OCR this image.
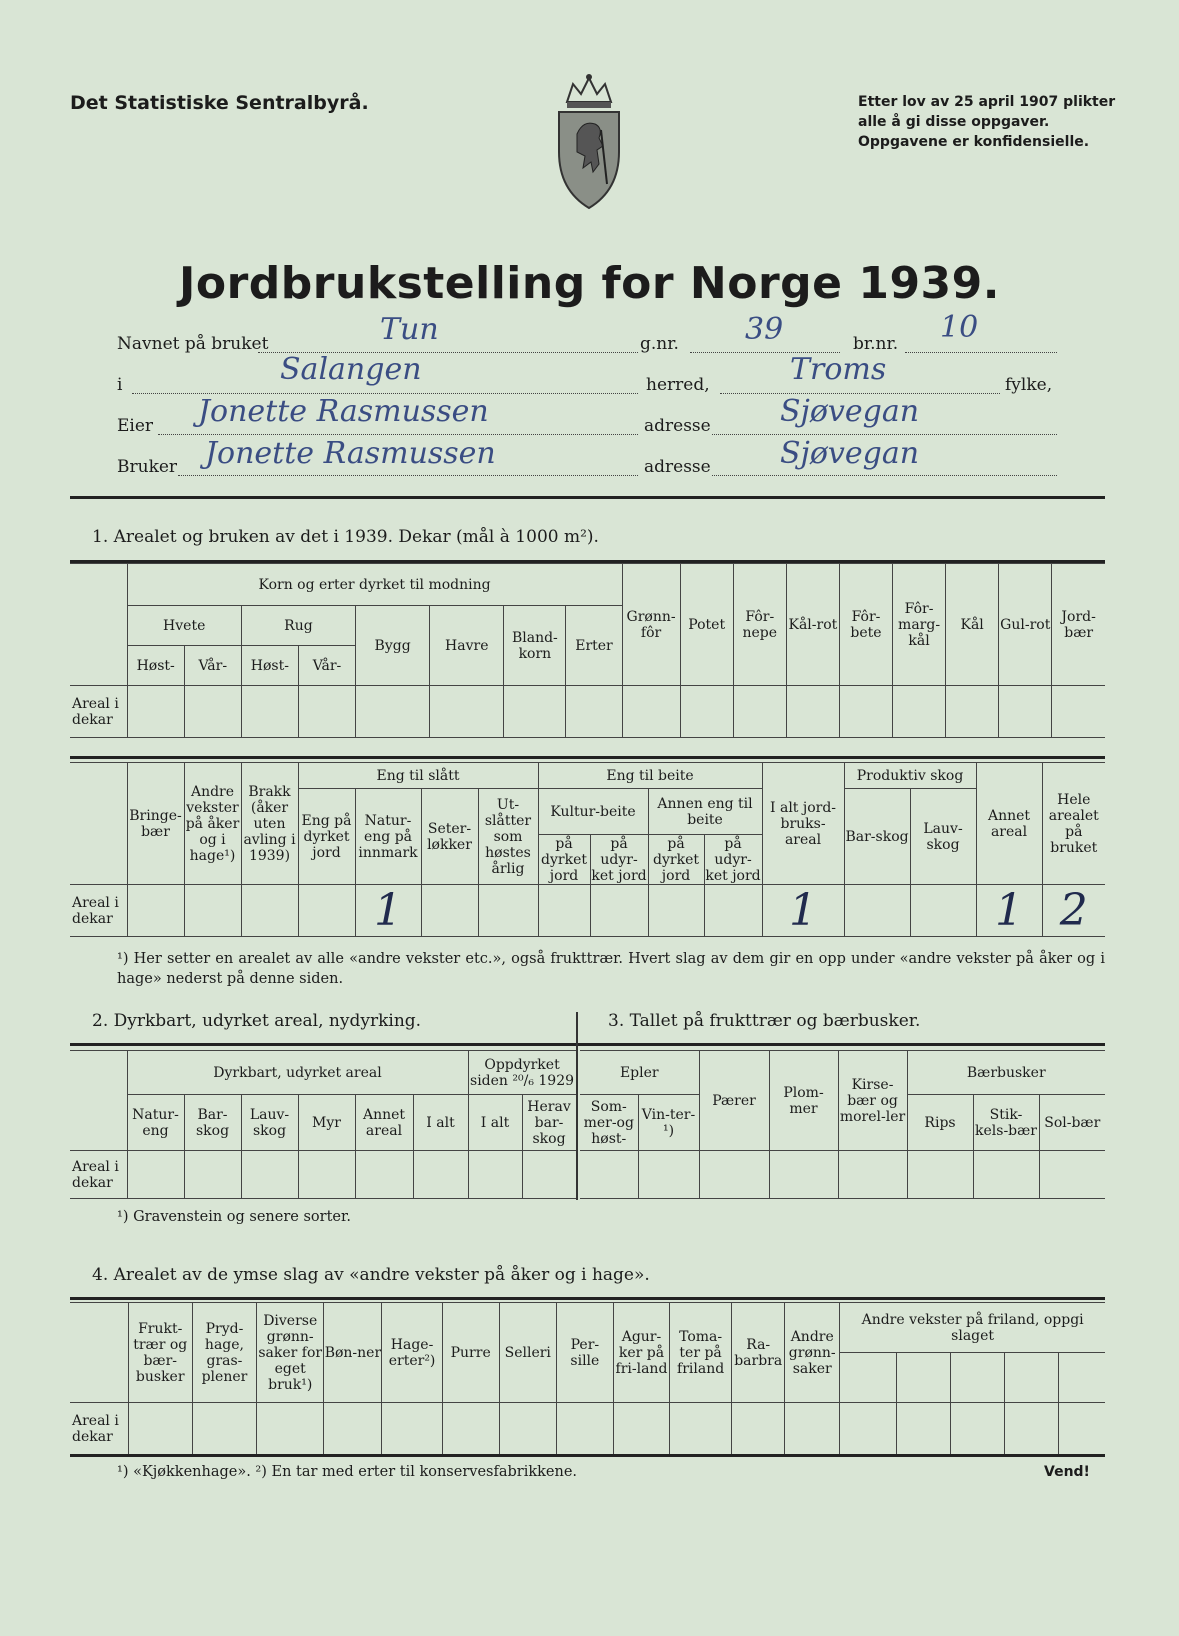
Det Statistiske Sentralbyrå.	Etter lov av 25 april 1907 plikter
alle å gi disse oppgaver.
Oppgavene er konfidensielle.
Jordbrukstelling for Norge 1939.
Navnet på bruket	Tun	g.nr. 39	br.nr. 10
i	Salangen	herred,	Troms	fylke,
Eier Jonette Rasmussen	adresse Sjøvegan
Bruker Jonette Rasmussen	adresse Sjøvegan
1. Arealet og bruken av det i 1939. Dekar (mål à 1000 m²).
	Korn og erter dyrket til modning								Grønn-fôr	Potet	Fôr-nepe	Kål-rot	Fôr-bete	Fôr-marg-kål	Kål	Gul-rot	Jord-bær
	Hvete		Rug		Bygg	Havre	Bland-korn	Erter									
	Høst-	Vår-	Høst-	Vår-													
Areal i dekar																	
	Bringe-bær	Andre vekster på åker og i hage¹)	Brakk (åker uten avling i 1939)	Eng til slått				Eng til beite				I alt jord-bruks-areal	Produktiv skog		Annet areal	Hele arealet på bruket
				Eng på dyrket jord	Natur-eng på innmark	Seter-løkker	Ut-slåtter som høstes årlig	Kultur-beite		Annen eng til beite			Bar-skog	Lauv-skog		
								på dyrket jord	på udyr-ket jord	på dyrket jord	på udyr-ket jord					
Areal i dekar					1							1			1	2
¹) Her setter en arealet av alle «andre vekster etc.», også frukttrær. Hvert slag av dem gir en opp under «andre vekster på åker og i hage» nederst på denne siden.
2. Dyrkbart, udyrket areal, nydyrking.	3. Tallet på frukttrær og bærbusker.
	Dyrkbart, udyrket areal						Oppdyrket siden ²⁰/₆ 1929	
	Natur-eng	Bar-skog	Lauv-skog	Myr	Annet areal	I alt	I alt	Herav bar-skog
Areal i dekar								
Epler		Pærer	Plom-mer	Kirse-bær og morel-ler	Bærbusker		
Som-mer-og høst-	Vin-ter-¹)				Rips	Stik-kels-bær	Sol-bær

¹) Gravenstein og senere sorter.
4. Arealet av de ymse slag av «andre vekster på åker og i hage».
	Frukt-trær og bær-busker	Pryd-hage, gras-plener	Diverse grønn-saker for eget bruk¹)	Bøn-ner	Hage-erter²)	Purre	Selleri	Per-sille	Agur-ker på fri-land	Toma-ter på friland	Ra-barbra	Andre grønn-saker	Andre vekster på friland, oppgi slaget				

Areal i dekar																	
¹) «Kjøkkenhage». ²) En tar med erter til konservesfabrikkene.	Vend!
